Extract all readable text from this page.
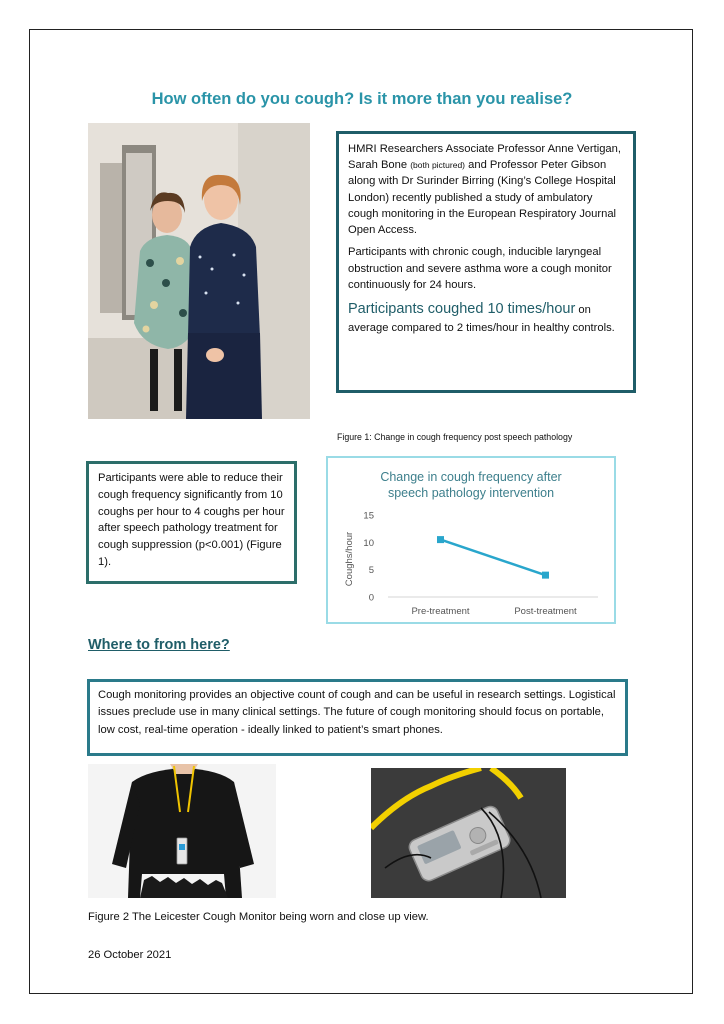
How often do you cough? Is it more than you realise?

HMRI Researchers Associate Professor Anne Vertigan, Sarah Bone (both pictured) and Professor Peter Gibson along with Dr Surinder Birring (King’s College Hospital London) recently published a study of ambulatory cough monitoring in the European Respiratory Journal Open Access.

Participants with chronic cough, inducible laryngeal obstruction and severe asthma wore a cough monitor continuously for 24 hours.

Participants coughed 10 times/hour on average compared to 2 times/hour in healthy controls.

Figure 1: Change in cough frequency post speech pathology
Participants were able to reduce their cough frequency significantly from 10 coughs per hour to 4 coughs per hour after speech pathology treatment for cough suppression (p<0.001) (Figure 1).
Change in cough frequency after
speech pathology intervention
Coughs/hour
0
5
10
15
Pre-treatment	Post-treatment
Where to from here?
Cough monitoring provides an objective count of cough and can be useful in research settings. Logistical issues preclude use in many clinical settings. The future of cough monitoring should focus on portable, low cost, real-time operation - ideally linked to patient’s smart phones.
Figure 2 The Leicester Cough Monitor being worn and close up view.
26 October 2021
